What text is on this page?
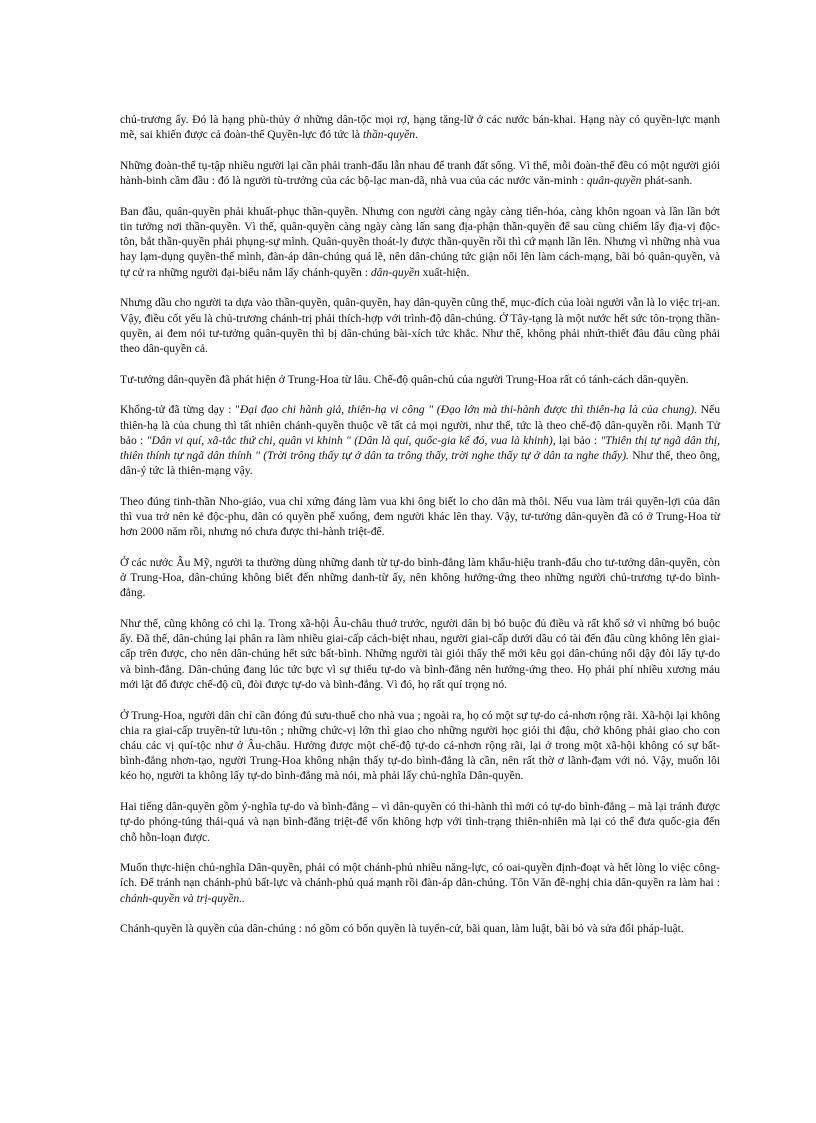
chủ-trương ấy. Đó là hạng phù-thủy ở những dân-tộc mọi rợ, hạng tăng-lữ ở các nước bán-khai. Hạng này có quyền-lực mạnh mẽ, sai khiến được cả đoàn-thể Quyền-lực đó tức là thần-quyền.

Những đoàn-thể tụ-tập nhiều người lại cần phải tranh-đấu lẫn nhau để tranh đất sống. Vì thế, mỗi đoàn-thể đều có một người giỏi hành-binh cầm đầu : đó là người tù-trưởng của các bộ-lạc man-dã, nhà vua của các nước văn-minh : quân-quyền phát-sanh.

Ban đầu, quân-quyền phải khuất-phục thần-quyền. Nhưng con người càng ngày càng tiến-hóa, càng khôn ngoan và lần lần bớt tin tưởng nơi thần-quyền. Vì thế, quân-quyền càng ngày càng lấn sang địa-phận thần-quyền để sau cùng chiếm lấy địa-vị độc-tôn, bắt thần-quyền phải phụng-sự mình. Quân-quyền thoát-ly được thần-quyền rồi thì cứ mạnh lần lên. Nhưng vì những nhà vua hay lạm-dụng quyền-thế mình, đàn-áp dân-chúng quá lẽ, nên dân-chúng tức giận nổi lên làm cách-mạng, bãi bỏ quân-quyền, và tự cử ra những người đại-biểu nắm lấy chánh-quyền : dân-quyền xuất-hiện.

Nhưng dầu cho người ta dựa vào thần-quyền, quân-quyền, hay dân-quyền cũng thế, mục-đích của loài người vẫn là lo việc trị-an. Vậy, điều cốt yếu là chủ-trương chánh-trị phải thích-hợp với trình-độ dân-chúng. Ở Tây-tạng là một nước hết sức tôn-trọng thần-quyền, ai đem nói tư-tưởng quân-quyền thì bị dân-chúng bài-xích tức khắc. Như thế, không phải nhứt-thiết đâu đâu cũng phải theo dân-quyền cả.

Tư-tưởng dân-quyền đã phát hiện ở Trung-Hoa từ lâu. Chế-độ quân-chủ của người Trung-Hoa rất có tánh-cách dân-quyền.

Khổng-tử đã từng dạy : "Đại đạo chi hành giả, thiên-hạ vi công " (Đạo lớn mà thi-hành được thì thiên-hạ là của chung). Nếu thiên-hạ là của chung thì tất nhiên chánh-quyền thuộc về tất cả mọi người, như thế, tức là theo chế-độ dân-quyền rồi. Mạnh Tử bảo : "Dân vi quí, xã-tắc thứ chi, quân vi khinh " (Dân là quí, quốc-gia kế đó, vua là khinh), lại bảo : "Thiên thị tự ngã dân thị, thiên thính tự ngã dân thính " (Trời trông thấy tự ở dân ta trông thấy, trời nghe thấy tự ở dân ta nghe thấy). Như thế, theo ông, dân-ý tức là thiên-mạng vậy.

Theo đúng tinh-thần Nho-giáo, vua chỉ xứng đáng làm vua khi ông biết lo cho dân mà thôi. Nếu vua làm trái quyền-lợi của dân thì vua trở nên kẻ độc-phu, dân có quyền phế xuống, đem người khác lên thay. Vậy, tư-tưởng dân-quyền đã có ở Trung-Hoa từ hơn 2000 năm rồi, nhưng nó chưa được thi-hành triệt-để.

Ở các nước Âu Mỹ, người ta thường dùng những danh từ tự-do bình-đẳng làm khẩu-hiệu tranh-đấu cho tư-tưởng dân-quyền, còn ở Trung-Hoa, dân-chúng không biết đến những danh-từ ấy, nên không hưởng-ứng theo những người chủ-trương tự-do bình-đẳng.

Như thế, cũng không có chi lạ. Trong xã-hội Âu-châu thuở trước, người dân bị bó buộc đủ điều và rất khổ sở vì những bó buộc ấy. Đã thế, dân-chúng lại phân ra làm nhiều giai-cấp cách-biệt nhau, người giai-cấp dưới dầu có tài đến đâu cũng không lên giai-cấp trên được, cho nên dân-chúng hết sức bất-bình. Những người tài giỏi thấy thế mới kêu gọi dân-chúng nổi dậy đòi lấy tự-do và bình-đẳng. Dân-chúng đang lúc tức bực vì sự thiếu tự-do và bình-đẳng nên hưởng-ứng theo. Họ phải phí nhiều xương máu mới lật đổ được chế-độ cũ, đòi được tự-do và bình-đẳng. Vì đó, họ rất quí trọng nó.

Ở Trung-Hoa, người dân chỉ cần đóng đủ sưu-thuế cho nhà vua ; ngoài ra, họ có một sự tự-do cá-nhơn rộng rãi. Xã-hội lại không chia ra giai-cấp truyền-tử lưu-tôn ; những chức-vị lớn thì giao cho những người học giỏi thi đậu, chớ không phải giao cho con cháu các vị quí-tộc như ở Âu-châu. Hưởng được một chế-độ tự-do cá-nhơn rộng rãi, lại ở trong một xã-hội không có sự bất-bình-đẳng nhơn-tạo, người Trung-Hoa không nhận thấy tự-do bình-đẳng là cần, nên rất thờ ơ lãnh-đạm với nó. Vậy, muốn lôi kéo họ, người ta không lấy tự-do bình-đẳng mà nói, mà phải lấy chủ-nghĩa Dân-quyền.

Hai tiếng dân-quyền gồm ý-nghĩa tự-do và bình-đẳng – vì dân-quyền có thi-hành thì mới có tự-do bình-đẳng – mà lại tránh được tự-do phóng-túng thái-quá và nạn bình-đẳng triệt-để vốn không hợp với tình-trạng thiên-nhiên mà lại có thể đưa quốc-gia đến chỗ hỗn-loạn được.

Muốn thực-hiện chủ-nghĩa Dân-quyền, phải có một chánh-phủ nhiều năng-lực, có oai-quyền định-đoạt và hết lòng lo việc công-ích. Để tránh nạn chánh-phủ bất-lực và chánh-phủ quá mạnh rồi đàn-áp dân-chúng. Tôn Văn đề-nghị chia dân-quyền ra làm hai : chánh-quyền và trị-quyền..

Chánh-quyền là quyền của dân-chúng : nó gồm có bốn quyền là tuyển-cử, bãi quan, làm luật, bãi bỏ và sửa đổi pháp-luật.
